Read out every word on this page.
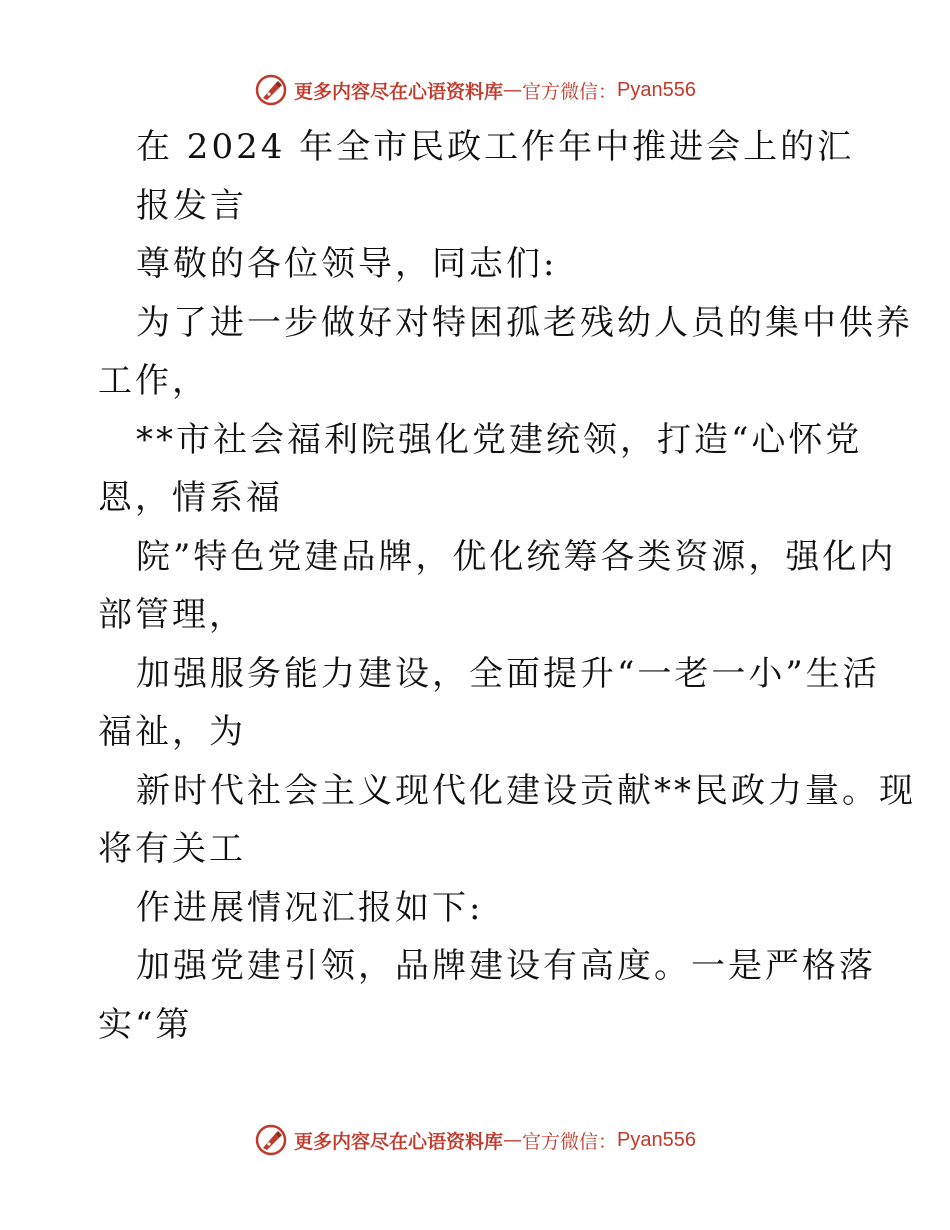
更多内容尽在心语资料库 — 官方微信： Pyan556
在 2024 年全市民政工作年中推进会上的汇
报发言
尊敬的各位领导，同志们:
为了进一步做好对特困孤老残幼人员的集中供养
工作，
**市社会福利院强化党建统领，打造“心怀党
恩，情系福
院”特色党建品牌，优化统筹各类资源，强化内
部管理，
加强服务能力建设，全面提升“一老一小”生活
福祉，为
新时代社会主义现代化建设贡献**民政力量。现
将有关工
作进展情况汇报如下:
加强党建引领，品牌建设有高度。一是严格落
实“第
更多内容尽在心语资料库 — 官方微信： Pyan556
